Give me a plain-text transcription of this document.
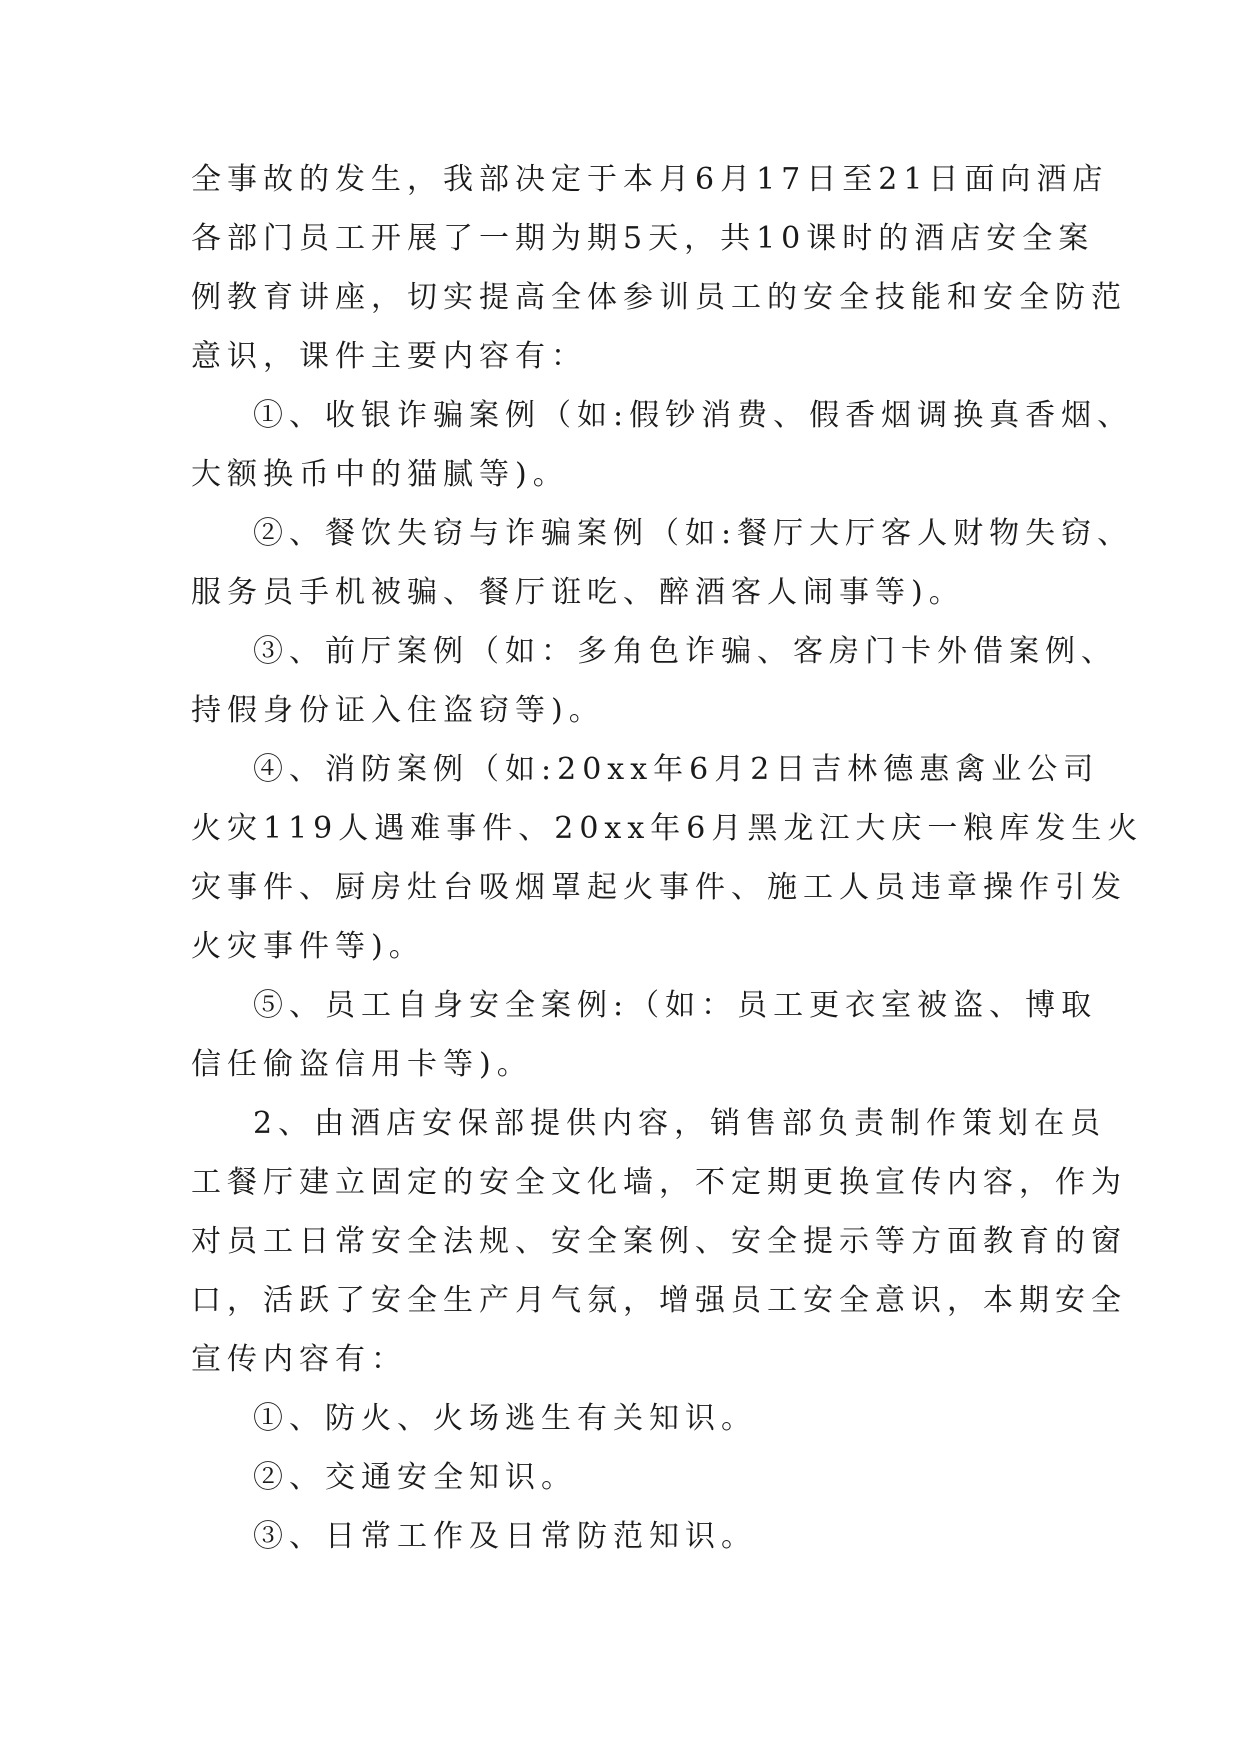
全事故的发生，我部决定于本月6月17日至21日面向酒店

各部门员工开展了一期为期5天，共10课时的酒店安全案

例教育讲座，切实提高全体参训员工的安全技能和安全防范

意识，课件主要内容有：

①、收银诈骗案例（如:假钞消费、假香烟调换真香烟、

大额换币中的猫腻等)。

②、餐饮失窃与诈骗案例（如:餐厅大厅客人财物失窃、

服务员手机被骗、餐厅诳吃、醉酒客人闹事等)。

③、前厅案例（如：多角色诈骗、客房门卡外借案例、

持假身份证入住盗窃等)。

④、消防案例（如:20xx年6月2日吉林德惠禽业公司

火灾119人遇难事件、20xx年6月黑龙江大庆一粮库发生火

灾事件、厨房灶台吸烟罩起火事件、施工人员违章操作引发

火灾事件等)。

⑤、员工自身安全案例:（如：员工更衣室被盗、博取

信任偷盗信用卡等)。

2、由酒店安保部提供内容，销售部负责制作策划在员

工餐厅建立固定的安全文化墙，不定期更换宣传内容，作为

对员工日常安全法规、安全案例、安全提示等方面教育的窗

口，活跃了安全生产月气氛，增强员工安全意识，本期安全

宣传内容有：

①、防火、火场逃生有关知识。

②、交通安全知识。

③、日常工作及日常防范知识。
